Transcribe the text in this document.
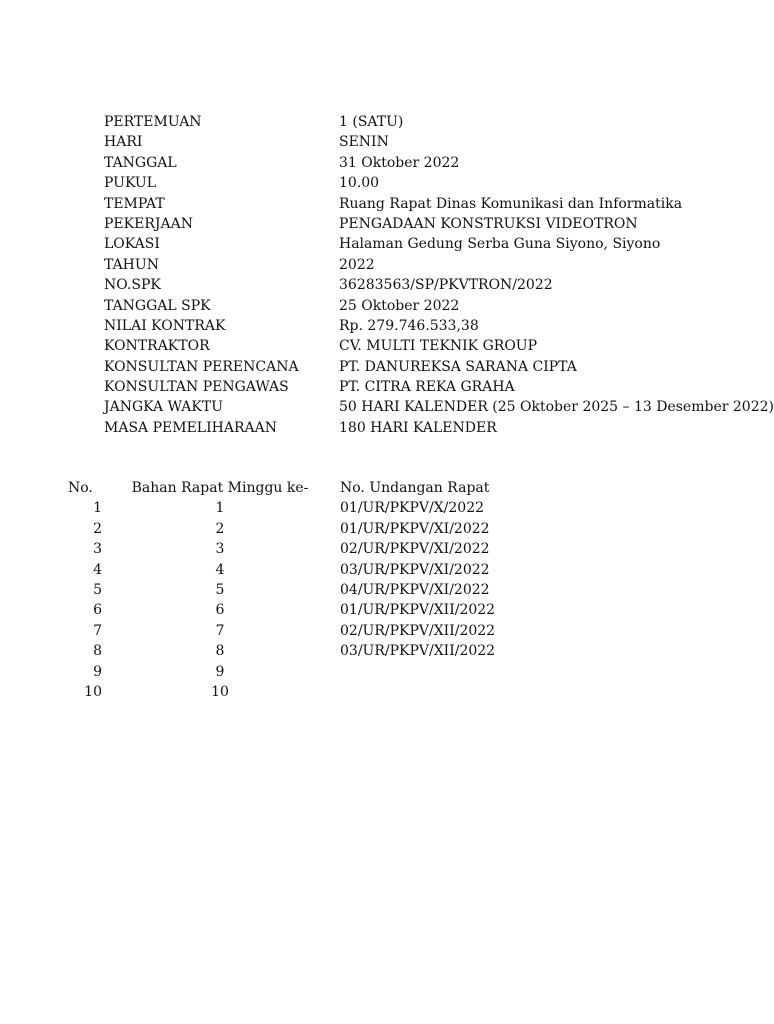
PERTEMUAN	1 (SATU)
HARI	SENIN
TANGGAL	31 Oktober 2022
PUKUL	10.00
TEMPAT	Ruang Rapat Dinas Komunikasi dan Informatika
PEKERJAAN	PENGADAAN KONSTRUKSI VIDEOTRON
LOKASI	Halaman Gedung Serba Guna Siyono, Siyono
TAHUN	2022
NO.SPK	36283563/SP/PKVTRON/2022
TANGGAL SPK	25 Oktober 2022
NILAI KONTRAK	Rp. 279.746.533,38
KONTRAKTOR	CV. MULTI TEKNIK GROUP
KONSULTAN PERENCANA	PT. DANUREKSA SARANA CIPTA
KONSULTAN PENGAWAS	PT. CITRA REKA GRAHA
JANGKA WAKTU	50 HARI KALENDER (25 Oktober 2025 – 13 Desember 2022)
MASA PEMELIHARAAN	180 HARI KALENDER
No.	Bahan Rapat Minggu ke-	No. Undangan Rapat
1	1	01/UR/PKPV/X/2022
2	2	01/UR/PKPV/XI/2022
3	3	02/UR/PKPV/XI/2022
4	4	03/UR/PKPV/XI/2022
5	5	04/UR/PKPV/XI/2022
6	6	01/UR/PKPV/XII/2022
7	7	02/UR/PKPV/XII/2022
8	8	03/UR/PKPV/XII/2022
9	9
10	10
